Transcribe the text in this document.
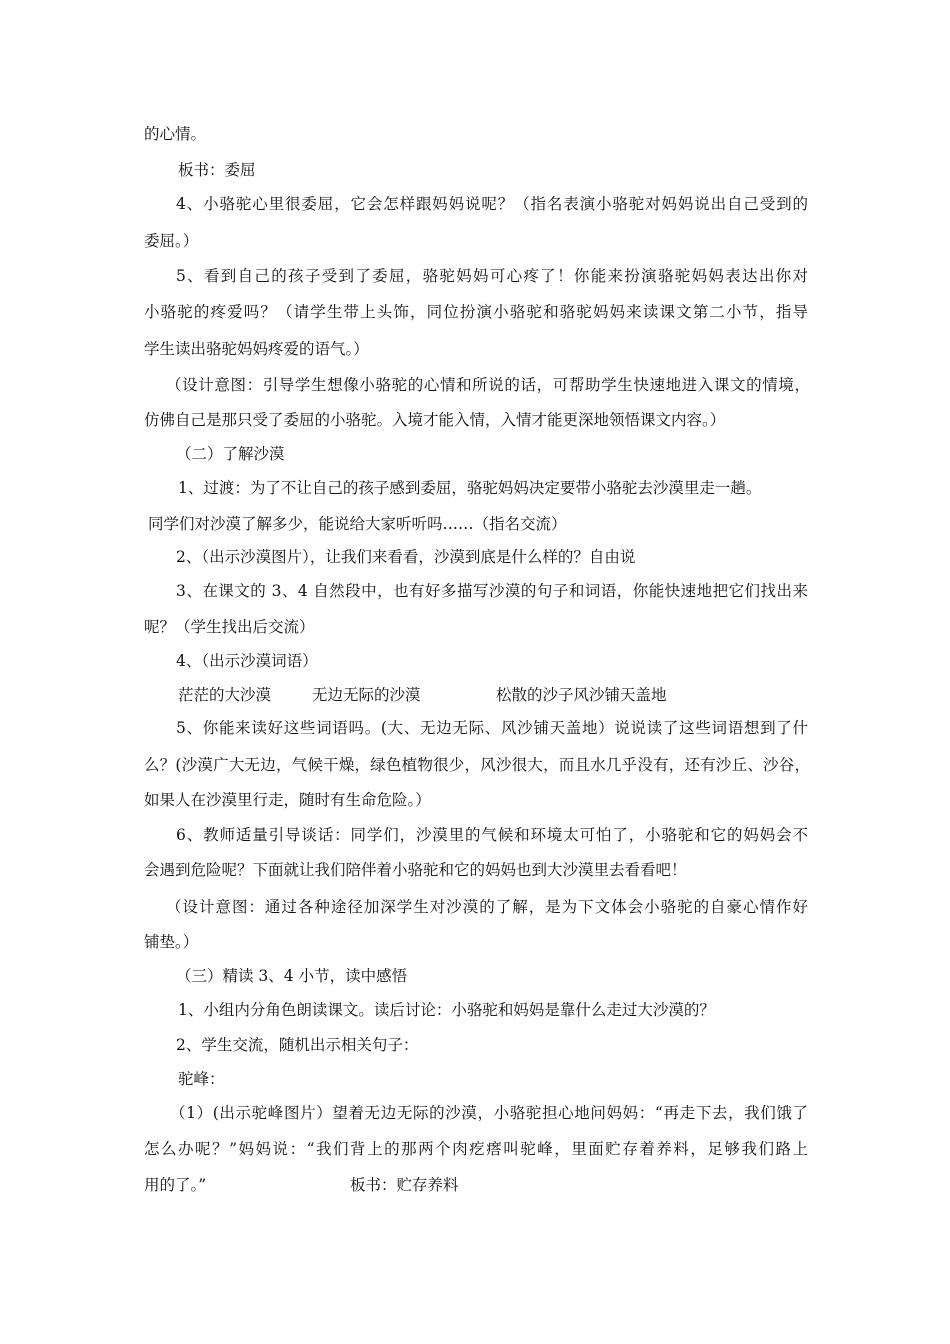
的心情。
板书：委屈
4、小骆驼心里很委屈，它会怎样跟妈妈说呢？（指名表演小骆驼对妈妈说出自己受到的
委屈。）
5、看到自己的孩子受到了委屈，骆驼妈妈可心疼了！你能来扮演骆驼妈妈表达出你对
小骆驼的疼爱吗？（请学生带上头饰，同位扮演小骆驼和骆驼妈妈来读课文第二小节，指导
学生读出骆驼妈妈疼爱的语气。）
（设计意图：引导学生想像小骆驼的心情和所说的话，可帮助学生快速地进入课文的情境，
仿佛自己是那只受了委屈的小骆驼。入境才能入情，入情才能更深地领悟课文内容。）
（二）了解沙漠
1、过渡：为了不让自己的孩子感到委屈，骆驼妈妈决定要带小骆驼去沙漠里走一趟。
同学们对沙漠了解多少，能说给大家听听吗……（指名交流）
2、（出示沙漠图片），让我们来看看，沙漠到底是什么样的？自由说
3、在课文的 3、4 自然段中，也有好多描写沙漠的句子和词语，你能快速地把它们找出来
呢？（学生找出后交流）
4、（出示沙漠词语）
茫茫的大沙漠	无边无际的沙漠	松散的沙子风沙铺天盖地
5、你能来读好这些词语吗。(大、无边无际、风沙铺天盖地）说说读了这些词语想到了什
么？(沙漠广大无边，气候干燥，绿色植物很少，风沙很大，而且水几乎没有，还有沙丘、沙谷，
如果人在沙漠里行走，随时有生命危险。）
6、教师适量引导谈话：同学们，沙漠里的气候和环境太可怕了，小骆驼和它的妈妈会不
会遇到危险呢？下面就让我们陪伴着小骆驼和它的妈妈也到大沙漠里去看看吧！
（设计意图：通过各种途径加深学生对沙漠的了解，是为下文体会小骆驼的自豪心情作好
铺垫。）
（三）精读 3、4 小节，读中感悟
1、小组内分角色朗读课文。读后讨论：小骆驼和妈妈是靠什么走过大沙漠的？
2、学生交流，随机出示相关句子：
驼峰：
（1）(出示驼峰图片）望着无边无际的沙漠，小骆驼担心地问妈妈：“再走下去，我们饿了
怎么办呢？”妈妈说：“我们背上的那两个肉疙瘩叫驼峰，里面贮存着养料，足够我们路上
用的了。”	板书：贮存养料
